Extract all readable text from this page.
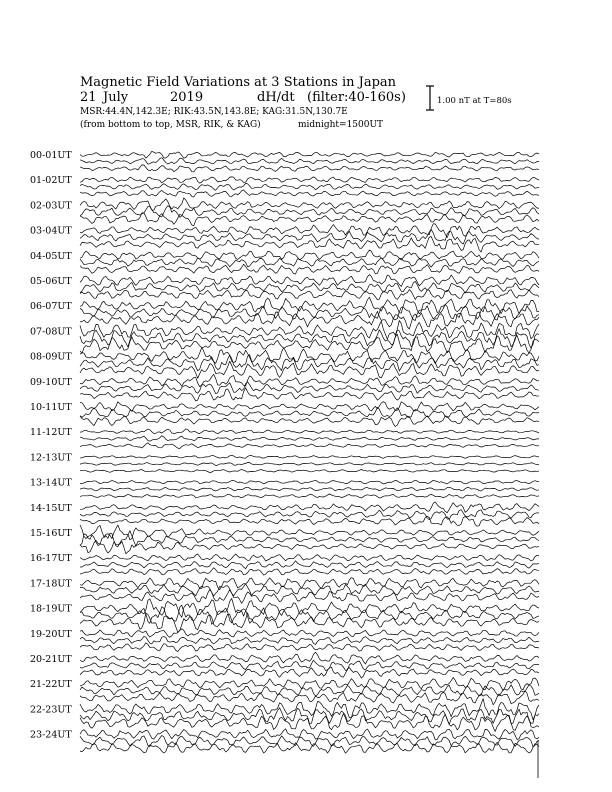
Magnetic Field Variations at 3 Stations in Japan
21 July	2019	dH/dt (filter:40-160s)
MSR:44.4N,142.3E; RIK:43.5N,143.8E; KAG:31.5N,130.7E
(from bottom to top, MSR, RIK, & KAG)	midnight=1500UT
1.00 nT at T=80s
00-01UT
01-02UT
02-03UT
03-04UT
04-05UT
05-06UT
06-07UT
07-08UT
08-09UT
09-10UT
10-11UT
11-12UT
12-13UT
13-14UT
14-15UT
15-16UT
16-17UT
17-18UT
18-19UT
19-20UT
20-21UT
21-22UT
22-23UT
23-24UT
